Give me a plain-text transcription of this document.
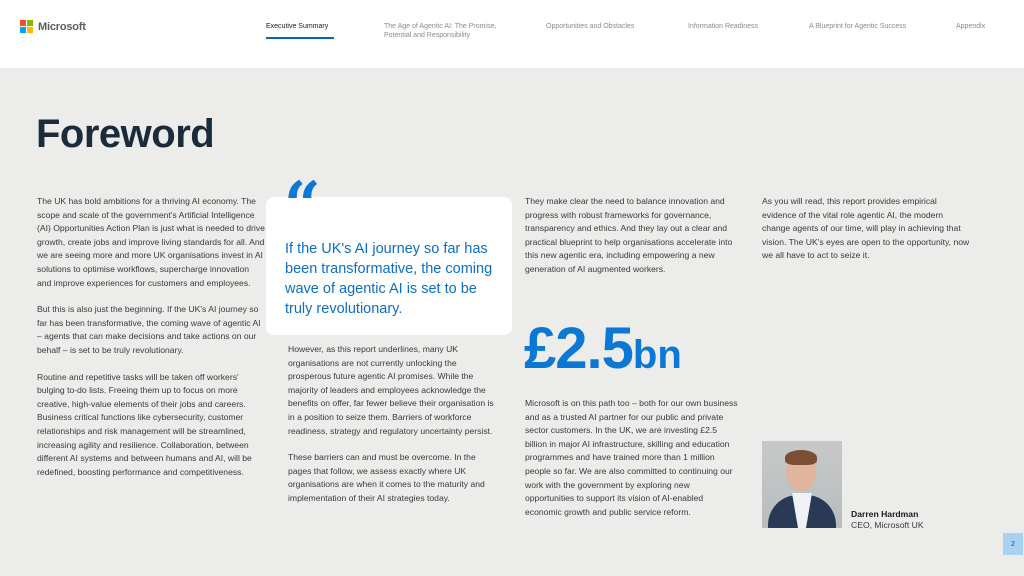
Microsoft	Executive Summary	The Age of Agentic AI: The Promise, Potential and Responsibility
Opportunities and Obstacles	Information Readiness	A Blueprint for Agentic Success	Appendix
Foreword

The UK has bold ambitions for a thriving AI economy. The scope and scale of the government's Artificial Intelligence (AI) Opportunities Action Plan is just what is needed to drive growth, create jobs and improve living standards for all. And we are seeing more and more UK organisations invest in AI solutions to optimise workflows, supercharge innovation and improve experiences for customers and employees.

But this is also just the beginning. If the UK's AI journey so far has been transformative, the coming wave of agentic AI – agents that can make decisions and take actions on our behalf – is set to be truly revolutionary.

Routine and repetitive tasks will be taken off workers' bulging to-do lists. Freeing them up to focus on more creative, high-value elements of their jobs and careers. Business critical functions like cybersecurity, customer relationships and risk management will be streamlined, increasing agility and resilience. Collaboration, between different AI systems and between humans and AI, will be redefined, boosting performance and competitiveness.

“
If the UK's AI journey so far has been transformative, the coming wave of agentic AI is set to be truly revolutionary.

However, as this report underlines, many UK organisations are not currently unlocking the prosperous future agentic AI promises. While the majority of leaders and employees acknowledge the benefits on offer, far fewer believe their organisation is in a position to seize them. Barriers of workforce readiness, strategy and regulatory uncertainty persist.

These barriers can and must be overcome. In the pages that follow, we assess exactly where UK organisations are when it comes to the maturity and implementation of their AI strategies today.

They make clear the need to balance innovation and progress with robust frameworks for governance, transparency and ethics. And they lay out a clear and practical blueprint to help organisations accelerate into this new agentic era, including empowering a new generation of AI augmented workers.

£2.5bn

Microsoft is on this path too – both for our own business and as a trusted AI partner for our public and private sector customers. In the UK, we are investing £2.5 billion in major AI infrastructure, skilling and education programmes and have trained more than 1 million people so far. We are also committed to continuing our work with the government by exploring new opportunities to support its vision of AI-enabled economic growth and public service reform.

As you will read, this report provides empirical evidence of the vital role agentic AI, the modern change agents of our time, will play in achieving that vision. The UK's eyes are open to the opportunity, now we all have to act to seize it.

Darren Hardman
CEO, Microsoft UK
2
